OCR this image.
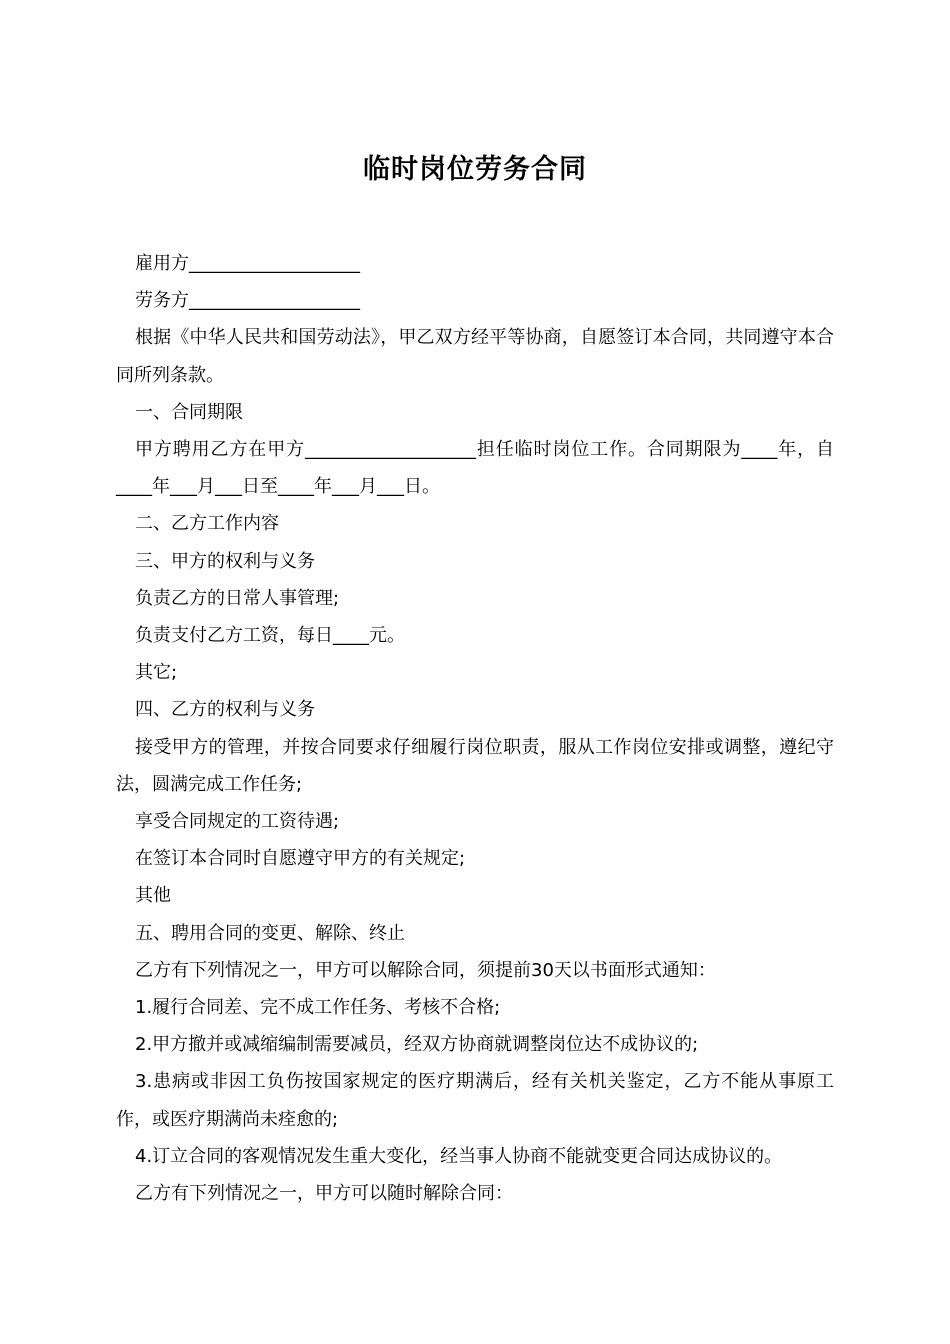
临时岗位劳务合同

雇用方___________________

劳务方___________________

根据《中华人民共和国劳动法》，甲乙双方经平等协商，自愿签订本合同，共同遵守本合同所列条款。

一、合同期限

甲方聘用乙方在甲方___________________担任临时岗位工作。合同期限为____年，自____年___月___日至____年___月___日。

二、乙方工作内容

三、甲方的权利与义务

负责乙方的日常人事管理;

负责支付乙方工资，每日____元。

其它;

四、乙方的权利与义务

接受甲方的管理，并按合同要求仔细履行岗位职责，服从工作岗位安排或调整，遵纪守法，圆满完成工作任务;

享受合同规定的工资待遇;

在签订本合同时自愿遵守甲方的有关规定;

其他

五、聘用合同的变更、解除、终止

乙方有下列情况之一，甲方可以解除合同，须提前30天以书面形式通知：

1.履行合同差、完不成工作任务、考核不合格;

2.甲方撤并或减缩编制需要减员，经双方协商就调整岗位达不成协议的;

3.患病或非因工负伤按国家规定的医疗期满后，经有关机关鉴定，乙方不能从事原工作，或医疗期满尚未痊愈的;

4.订立合同的客观情况发生重大变化，经当事人协商不能就变更合同达成协议的。

乙方有下列情况之一，甲方可以随时解除合同：
